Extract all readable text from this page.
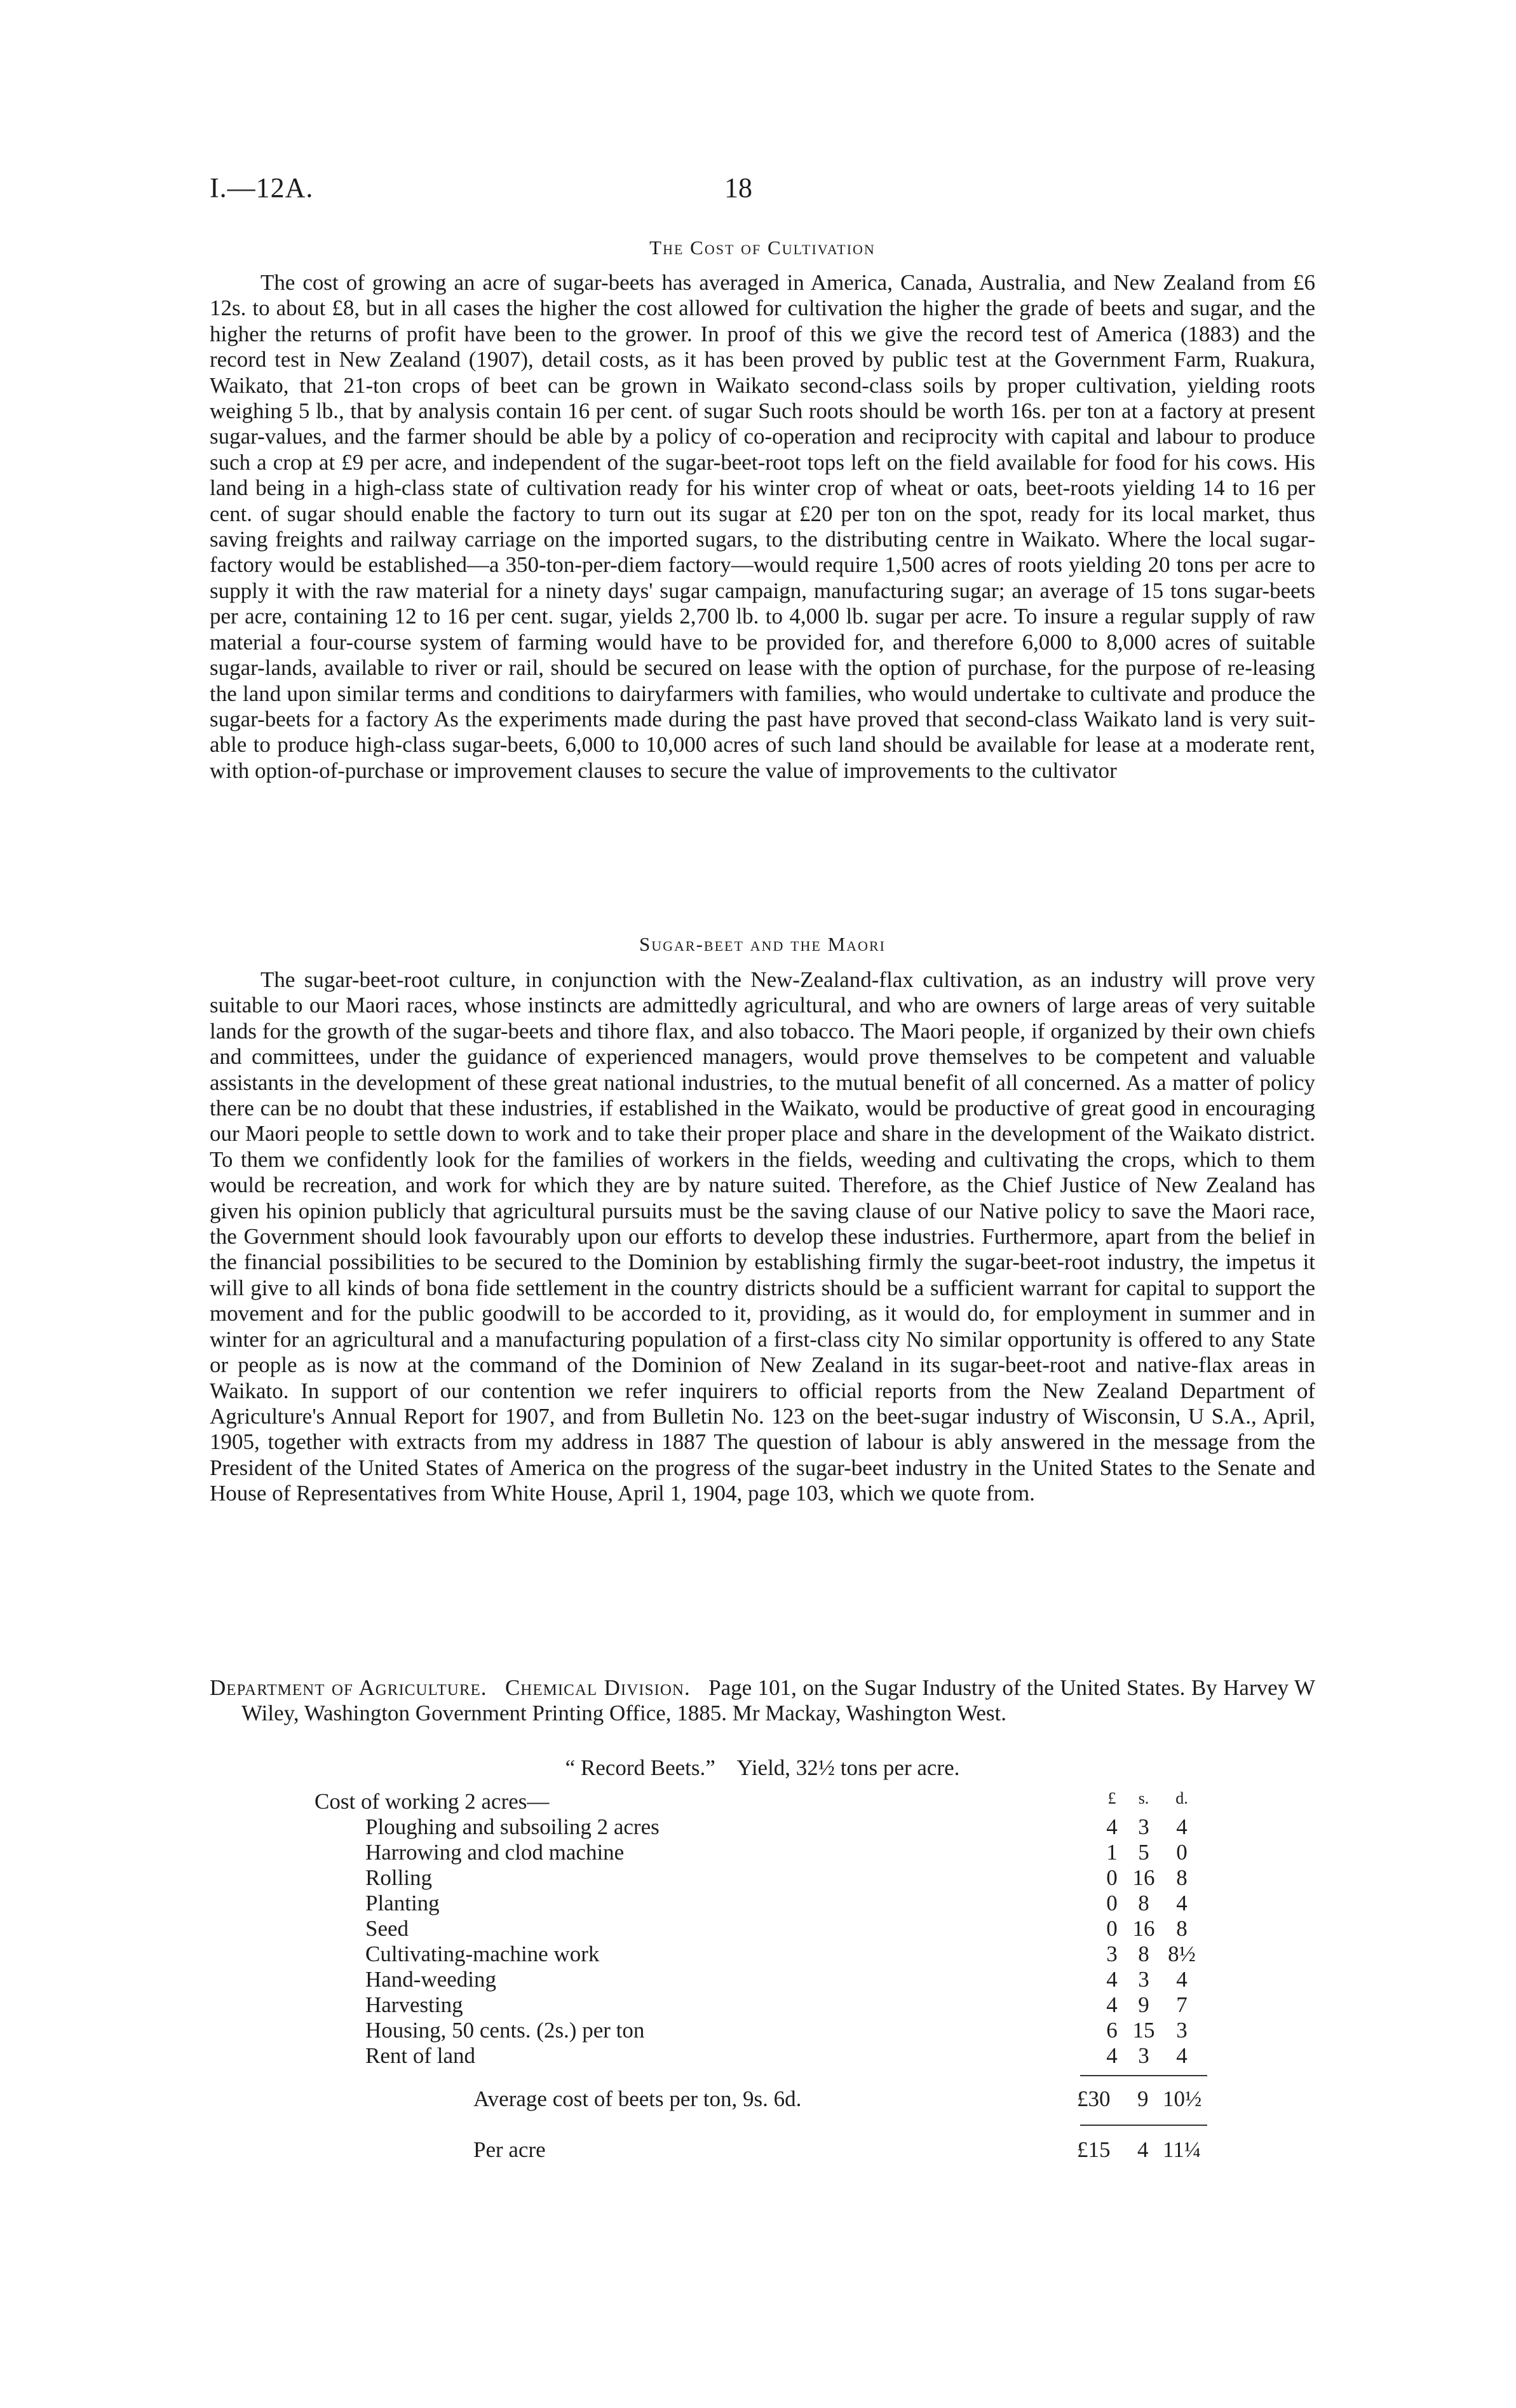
I.—12A.	18
The Cost of Cultivation

The cost of growing an acre of sugar-beets has averaged in America, Canada, Australia, and New Zealand from £6 12s. to about £8, but in all cases the higher the cost allowed for cultivation the higher the grade of beets and sugar, and the higher the returns of profit have been to the grower. In proof of this we give the record test of America (1883) and the record test in New Zealand (1907), detail costs, as it has been proved by public test at the Government Farm, Ruakura, Waikato, that 21-ton crops of beet can be grown in Waikato second-class soils by proper cultivation, yielding roots weighing 5 lb., that by analysis contain 16 per cent. of sugar Such roots should be worth 16s. per ton at a factory at present sugar-values, and the farmer should be able by a policy of co-operation and reciprocity with capital and labour to produce such a crop at £9 per acre, and independent of the sugar-beet-root tops left on the field available for food for his cows. His land being in a high-class state of cultivation ready for his winter crop of wheat or oats, beet-roots yielding 14 to 16 per cent. of sugar should enable the factory to turn out its sugar at £20 per ton on the spot, ready for its local market, thus saving freights and railway carriage on the imported sugars, to the distributing centre in Waikato. Where the local sugarfactory would be established—a 350-ton-per-diem factory—would require 1,500 acres of roots yielding 20 tons per acre to supply it with the raw material for a ninety days' sugar campaign, manufacturing sugar; an average of 15 tons sugar-beets per acre, containing 12 to 16 per cent. sugar, yields 2,700 lb. to 4,000 lb. sugar per acre. To insure a regular supply of raw material a four-course system of farming would have to be provided for, and therefore 6,000 to 8,000 acres of suitable sugar-lands, available to river or rail, should be secured on lease with the option of purchase, for the purpose of re-leasing the land upon similar terms and conditions to dairyfarmers with families, who would undertake to cultivate and produce the sugar-beets for a factory As the experiments made during the past have proved that second-class Waikato land is very suitable to produce high-class sugar-beets, 6,000 to 10,000 acres of such land should be available for lease at a moderate rent, with option-of-purchase or improvement clauses to secure the value of improvements to the cultivator

Sugar-beet and the Maori

The sugar-beet-root culture, in conjunction with the New-Zealand-flax cultivation, as an industry will prove very suitable to our Maori races, whose instincts are admittedly agricultural, and who are owners of large areas of very suitable lands for the growth of the sugar-beets and tihore flax, and also tobacco. The Maori people, if organized by their own chiefs and committees, under the guidance of experienced managers, would prove themselves to be competent and valuable assistants in the development of these great national industries, to the mutual benefit of all concerned. As a matter of policy there can be no doubt that these industries, if established in the Waikato, would be productive of great good in encouraging our Maori people to settle down to work and to take their proper place and share in the development of the Waikato district. To them we confidently look for the families of workers in the fields, weeding and cultivating the crops, which to them would be recreation, and work for which they are by nature suited. Therefore, as the Chief Justice of New Zealand has given his opinion publicly that agricultural pursuits must be the saving clause of our Native policy to save the Maori race, the Government should look favourably upon our efforts to develop these industries. Furthermore, apart from the belief in the financial possibilities to be secured to the Dominion by establishing firmly the sugar-beet-root industry, the impetus it will give to all kinds of bona fide settlement in the country districts should be a sufficient warrant for capital to support the movement and for the public goodwill to be accorded to it, providing, as it would do, for employment in summer and in winter for an agricultural and a manufacturing population of a first-class city No similar opportunity is offered to any State or people as is now at the command of the Dominion of New Zealand in its sugar-beet-root and native-flax areas in Waikato. In support of our contention we refer inquirers to official reports from the New Zealand Department of Agriculture's Annual Report for 1907, and from Bulletin No. 123 on the beet-sugar industry of Wisconsin, U S.A., April, 1905, together with extracts from my address in 1887 The question of labour is ably answered in the message from the President of the United States of America on the progress of the sugar-beet industry in the United States to the Senate and House of Representatives from White House, April 1, 1904, page 103, which we quote from.

Department of Agriculture. Chemical Division. Page 101, on the Sugar Industry of the United States. By Harvey W Wiley, Washington Government Printing Office, 1885. Mr Mackay, Washington West.
“ Record Beets.” Yield, 32½ tons per acre.
Cost of working 2 acres—	£	s.	d.
Ploughing and subsoiling 2 acres	4 3	4
Harrowing and clod machine	1 5	0
Rolling	0 16 8
Planting	0 8	4
Seed	0 16 8
Cultivating-machine work	3 8 8½
Hand-weeding	4 3	4
Harvesting	4 9	7
Housing, 50 cents. (2s.) per ton	6 15 3
Rent of land	4 3	4
Average cost of beets per ton, 9s. 6d.	£30 9 10½
Per acre	£15 4 11¼
